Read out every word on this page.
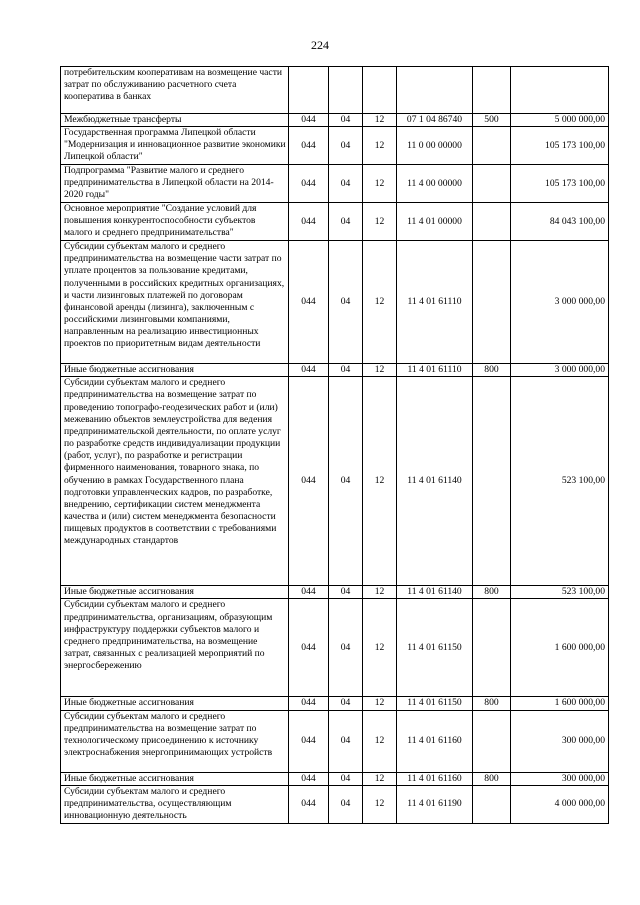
224
потребительским кооперативам на возмещение части затрат по обслуживанию расчетного счета кооператива в банках						
Межбюджетные трансферты	044	04	12	07 1 04 86740	500	5 000 000,00
Государственная программа Липецкой области "Модернизация и инновационное развитие экономики Липецкой области"	044	04	12	11 0 00 00000		105 173 100,00
Подпрограмма "Развитие малого и среднего предпринимательства в Липецкой области на 2014-2020 годы"	044	04	12	11 4 00 00000		105 173 100,00
Основное мероприятие "Создание условий для повышения конкурентоспособности субъектов малого и среднего предпринимательства"	044	04	12	11 4 01 00000		84 043 100,00
Субсидии субъектам малого и среднего предпринимательства на возмещение части затрат по уплате процентов за пользование кредитами, полученными в российских кредитных организациях, и части лизинговых платежей по договорам финансовой аренды (лизинга), заключенным с российскими лизинговыми компаниями, направленным на реализацию инвестиционных проектов по приоритетным видам деятельности	044	04	12	11 4 01 61110		3 000 000,00
Иные бюджетные ассигнования	044	04	12	11 4 01 61110	800	3 000 000,00
Субсидии субъектам малого и среднего предпринимательства на возмещение затрат по проведению топографо-геодезических работ и (или) межеванию объектов землеустройства для ведения предпринимательской деятельности, по оплате услуг по разработке средств индивидуализации продукции (работ, услуг), по разработке и регистрации фирменного наименования, товарного знака, по обучению в рамках Государственного плана подготовки управленческих кадров, по разработке, внедрению, сертификации систем менеджмента качества и (или) систем менеджмента безопасности пищевых продуктов в соответствии с требованиями международных стандартов	044	04	12	11 4 01 61140		523 100,00
Иные бюджетные ассигнования	044	04	12	11 4 01 61140	800	523 100,00
Субсидии субъектам малого и среднего предпринимательства, организациям, образующим инфраструктуру поддержки субъектов малого и среднего предпринимательства, на возмещение затрат, связанных с реализацией мероприятий по энергосбережению	044	04	12	11 4 01 61150		1 600 000,00
Иные бюджетные ассигнования	044	04	12	11 4 01 61150	800	1 600 000,00
Субсидии субъектам малого и среднего предпринимательства на возмещение затрат по технологическому присоединению к источнику электроснабжения энергопринимающих устройств	044	04	12	11 4 01 61160		300 000,00
Иные бюджетные ассигнования	044	04	12	11 4 01 61160	800	300 000,00
Субсидии субъектам малого и среднего предпринимательства, осуществляющим инновационную деятельность	044	04	12	11 4 01 61190		4 000 000,00
